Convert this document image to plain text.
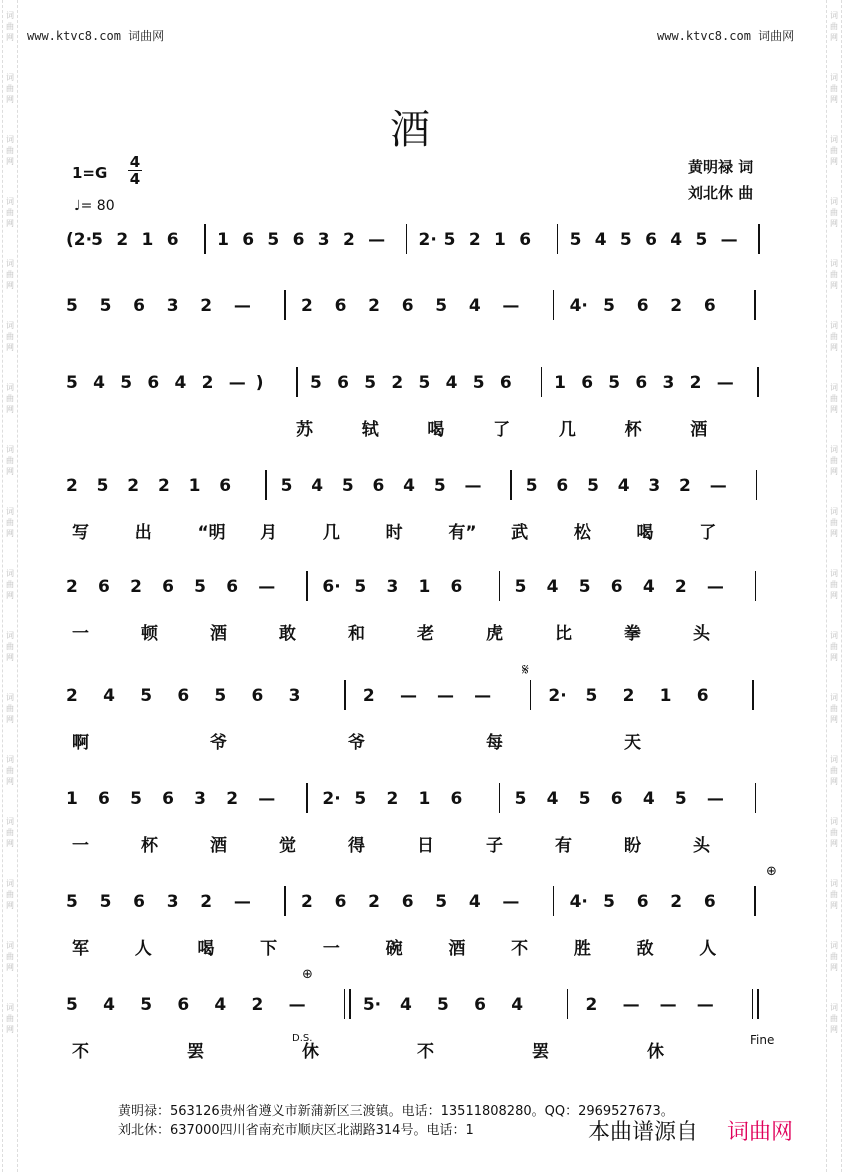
词
曲
网
词
曲
网
词
曲
网
词
曲
网
词
曲
网
词
曲
网
词
曲
网
词
曲
网
词
曲
网
词
曲
网
词
曲
网
词
曲
网
词
曲
网
词
曲
网
词
曲
网
词
曲
网
词
曲
网
词
曲
网
词
曲
网
词
曲
网
词
曲
网
词
曲
网
词
曲
网
词
曲
网
词
曲
网
词
曲
网
词
曲
网
词
曲
网
词
曲
网
词
曲
网
词
曲
网
词
曲
网
词
曲
网
词
曲
网
www.ktvc8.com 词曲网	www.ktvc8.com 词曲网
酒
1=G
4
4
♩= 80
黄明禄 词
刘北休 曲
(2· 5 2 1 6 1 6 5 6 3 2 — 2· 5 2 1 6 5 4 5 6 4 5 —
5 5 6 3 2 —	2 6 2 6 5 4 —	4· 5 6 2 6
5 4 5 6 4 2 — )	5 6 5 2 5 4 5 6 1 6 5 6 3 2 —
苏	轼	喝	了	几	杯	酒
2 5 2 2 1 6	5 4 5 6 4 5 —	5 6 5 4 3 2 —
写	出	“明 月	几	时	有” 武	松	喝	了
2 6 2 6 5 6 —	6· 5 3 1 6	5 4 5 6 4 2 —
一	顿	酒	敢	和	老	虎	比	拳	头
2 4 5 6 5 6 3	2 — — —	2· 5 2 1 6
啊	爷	爷	每	天
𝄋
1 6 5 6 3 2 —	2· 5 2 1 6	5 4 5 6 4 5 —
一	杯	酒	觉	得	日	子	有	盼	头
5 5 6 3 2 —	2 6 2 6 5 4 —	4· 5 6 2 6
军	人	喝	下	一	碗	酒	不	胜	敌	人
⊕
5 4 5 6 4 2 —	5· 4 5 6 4	2 — — —
不	罢	休	不	罢	休
⊕
D.S.	Fine
黄明禄：563126贵州省遵义市新蒲新区三渡镇。电话：13511808280。QQ：2969527673。
刘北休：637000四川省南充市顺庆区北湖路314号。电话：1	本曲谱源自 词曲网
